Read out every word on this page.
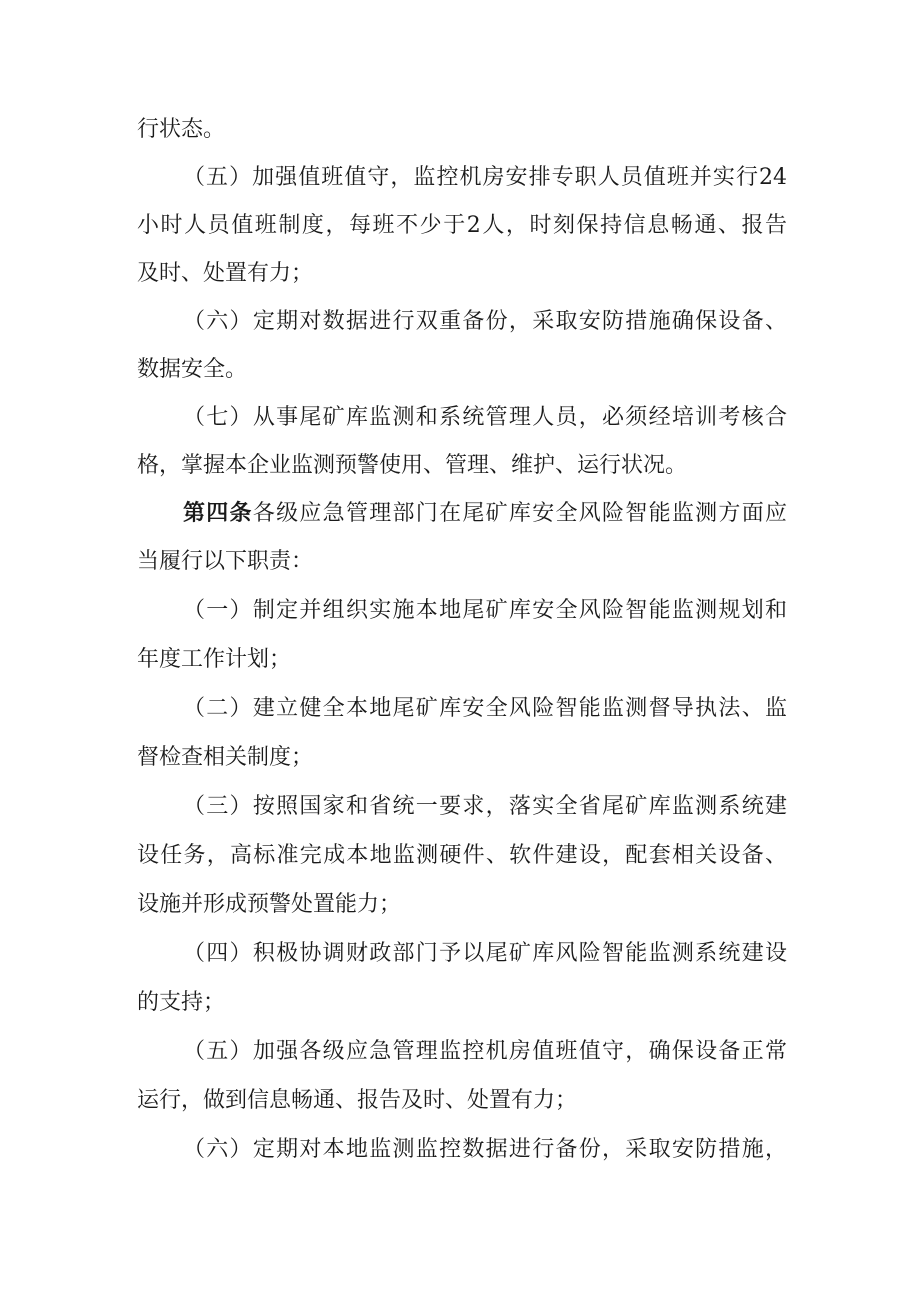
行状态。
（五）加强值班值守，监控机房安排专职人员值班并实行24
小时人员值班制度，每班不少于2人，时刻保持信息畅通、报告
及时、处置有力；
（六）定期对数据进行双重备份，采取安防措施确保设备、
数据安全。
（七）从事尾矿库监测和系统管理人员，必须经培训考核合
格，掌握本企业监测预警使用、管理、维护、运行状况。
第四条各级应急管理部门在尾矿库安全风险智能监测方面应
当履行以下职责：
（一）制定并组织实施本地尾矿库安全风险智能监测规划和
年度工作计划；
（二）建立健全本地尾矿库安全风险智能监测督导执法、监
督检查相关制度；
（三）按照国家和省统一要求，落实全省尾矿库监测系统建
设任务，高标准完成本地监测硬件、软件建设，配套相关设备、
设施并形成预警处置能力；
（四）积极协调财政部门予以尾矿库风险智能监测系统建设
的支持；
（五）加强各级应急管理监控机房值班值守，确保设备正常
运行，做到信息畅通、报告及时、处置有力；
（六）定期对本地监测监控数据进行备份，采取安防措施，
